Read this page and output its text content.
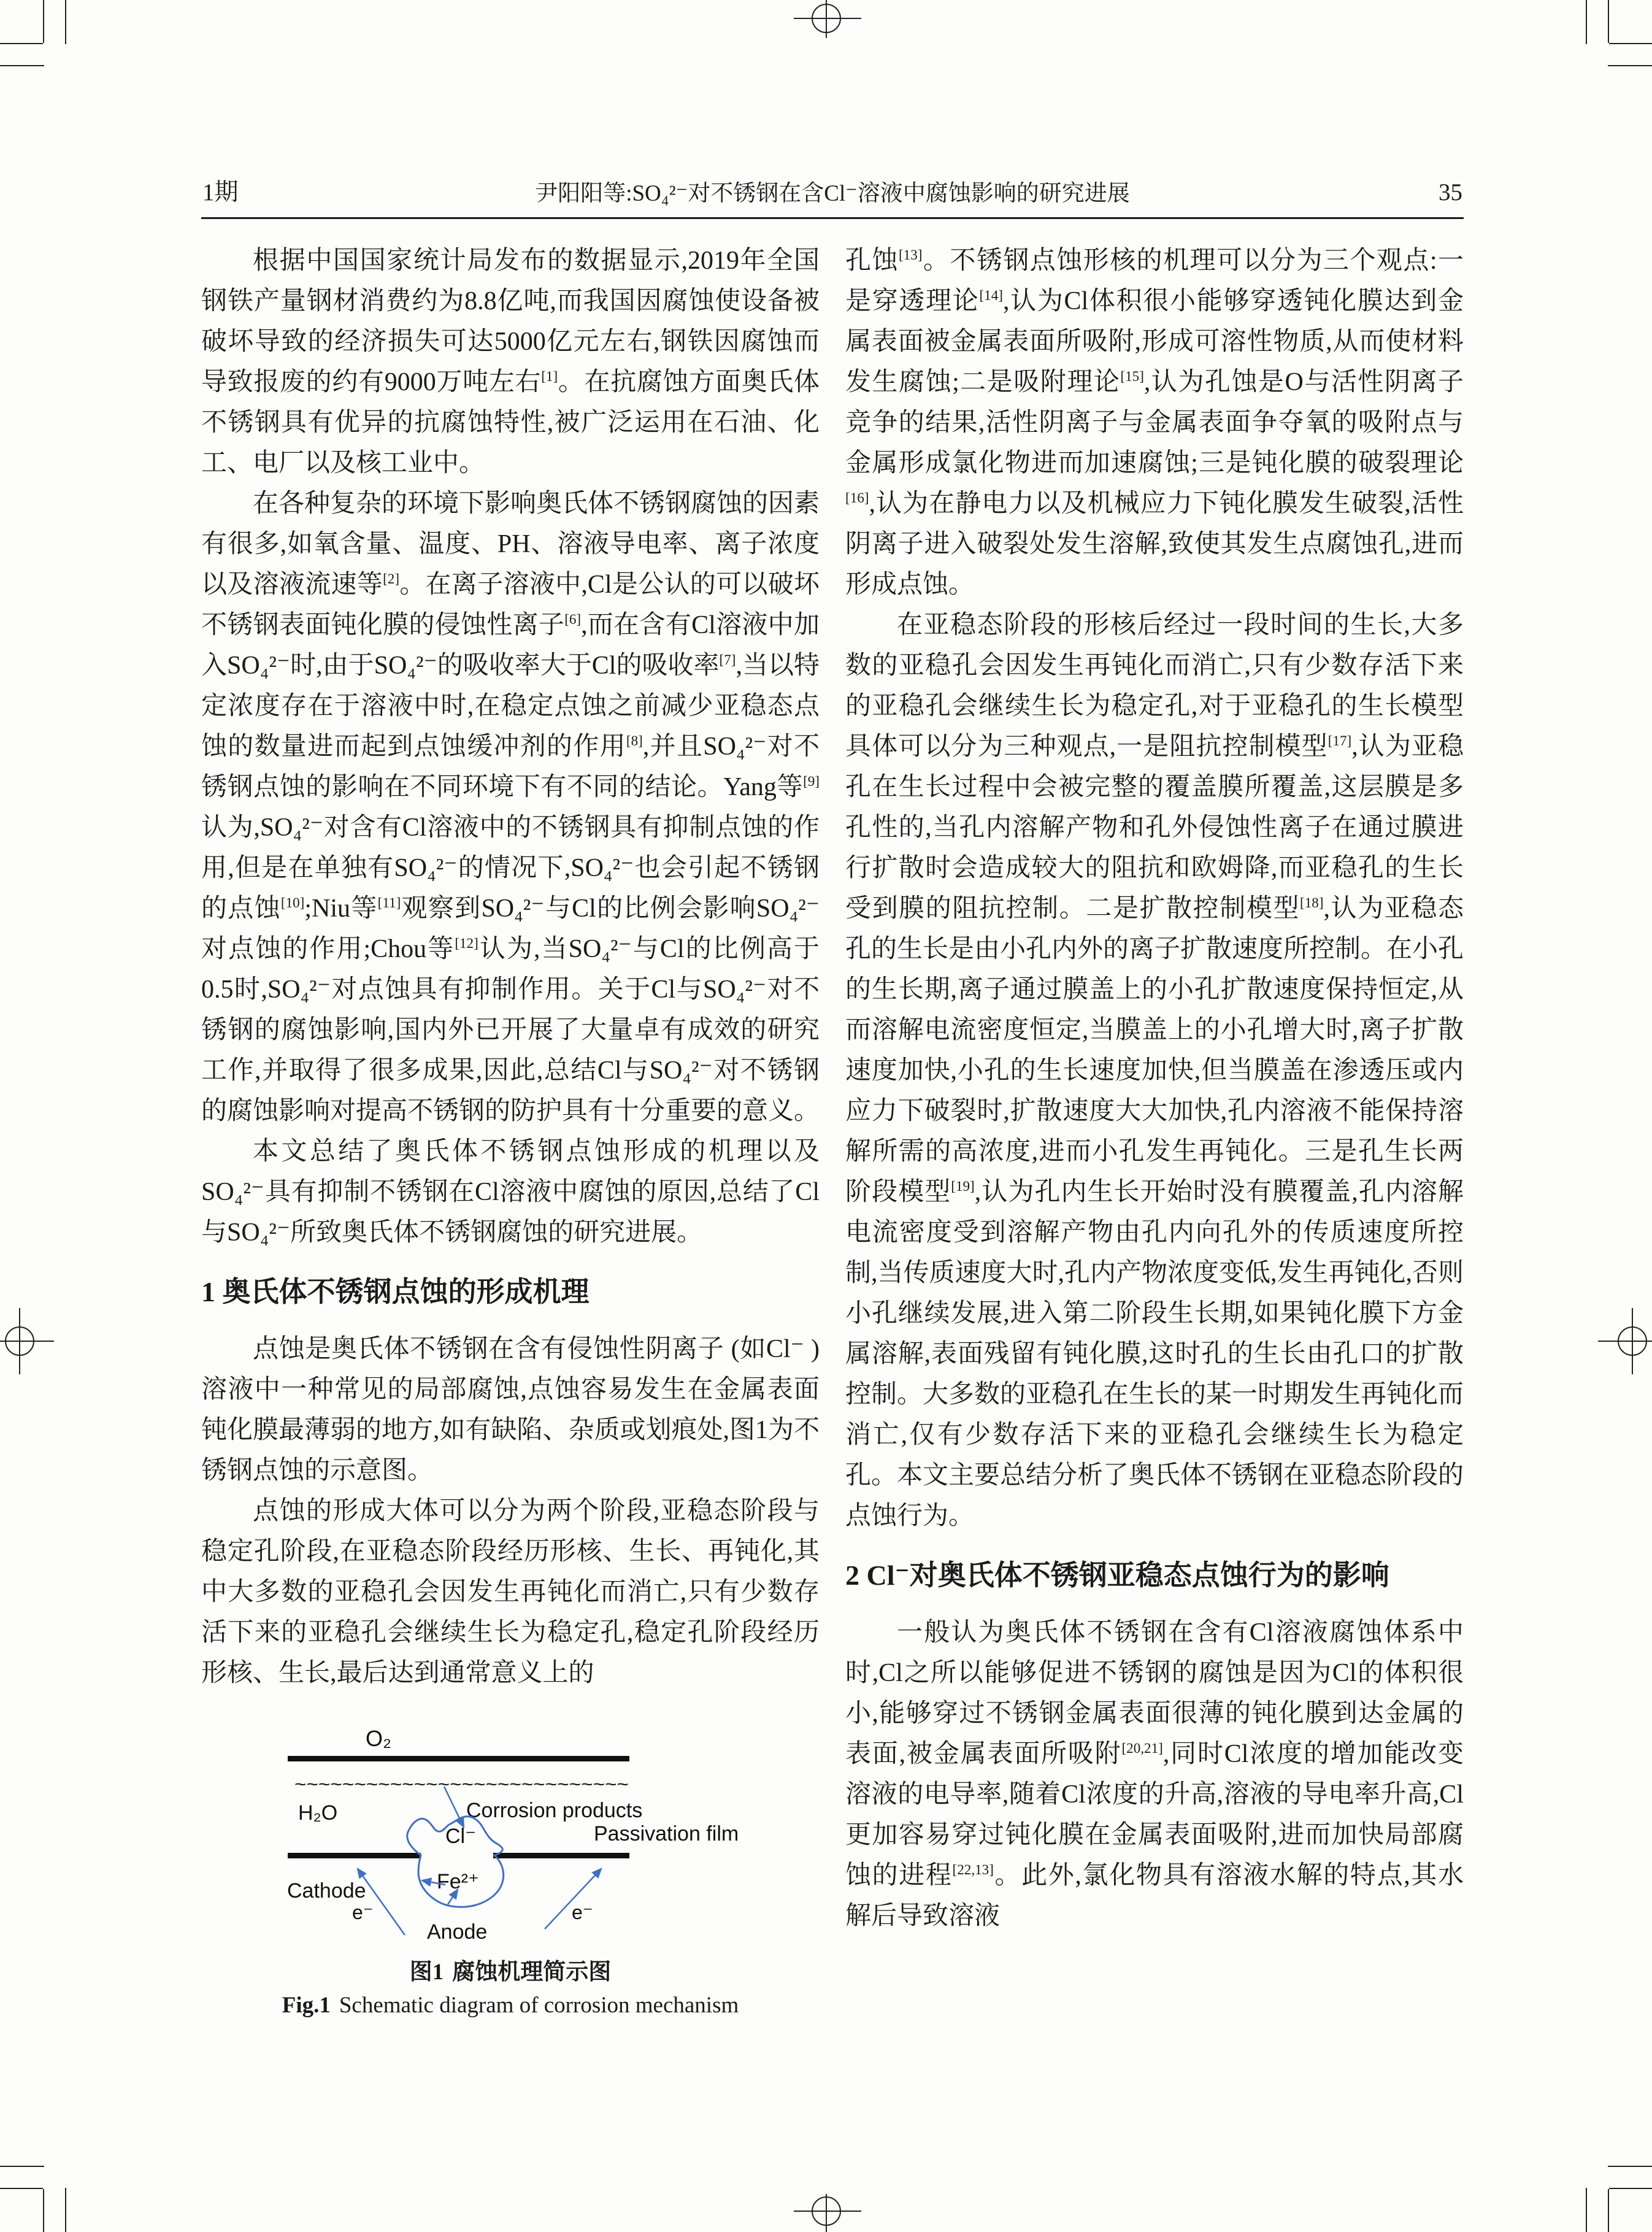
1期	尹阳阳等:SO₄²⁻对不锈钢在含Cl⁻溶液中腐蚀影响的研究进展	35

根据中国国家统计局发布的数据显示,2019年全国钢铁产量钢材消费约为8.8亿吨,而我国因腐蚀使设备被破坏导致的经济损失可达5000亿元左右,钢铁因腐蚀而导致报废的约有9000万吨左右[1]。在抗腐蚀方面奥氏体不锈钢具有优异的抗腐蚀特性,被广泛运用在石油、化工、电厂以及核工业中。

在各种复杂的环境下影响奥氏体不锈钢腐蚀的因素有很多,如氧含量、温度、PH、溶液导电率、离子浓度以及溶液流速等[2]。在离子溶液中,Cl是公认的可以破坏不锈钢表面钝化膜的侵蚀性离子[6],而在含有Cl溶液中加入SO₄²⁻时,由于SO₄²⁻的吸收率大于Cl的吸收率[7],当以特定浓度存在于溶液中时,在稳定点蚀之前减少亚稳态点蚀的数量进而起到点蚀缓冲剂的作用[8],并且SO₄²⁻对不锈钢点蚀的影响在不同环境下有不同的结论。Yang等[9]认为,SO₄²⁻对含有Cl溶液中的不锈钢具有抑制点蚀的作用,但是在单独有SO₄²⁻的情况下,SO₄²⁻也会引起不锈钢的点蚀[10];Niu等[11]观察到SO₄²⁻与Cl的比例会影响SO₄²⁻对点蚀的作用;Chou等[12]认为,当SO₄²⁻与Cl的比例高于0.5时,SO₄²⁻对点蚀具有抑制作用。关于Cl与SO₄²⁻对不锈钢的腐蚀影响,国内外已开展了大量卓有成效的研究工作,并取得了很多成果,因此,总结Cl与SO₄²⁻对不锈钢的腐蚀影响对提高不锈钢的防护具有十分重要的意义。

本文总结了奥氏体不锈钢点蚀形成的机理以及SO₄²⁻具有抑制不锈钢在Cl溶液中腐蚀的原因,总结了Cl与SO₄²⁻所致奥氏体不锈钢腐蚀的研究进展。

1 奥氏体不锈钢点蚀的形成机理

点蚀是奥氏体不锈钢在含有侵蚀性阴离子 (如Cl⁻ ) 溶液中一种常见的局部腐蚀,点蚀容易发生在金属表面钝化膜最薄弱的地方,如有缺陷、杂质或划痕处,图1为不锈钢点蚀的示意图。

点蚀的形成大体可以分为两个阶段,亚稳态阶段与稳定孔阶段,在亚稳态阶段经历形核、生长、再钝化,其中大多数的亚稳孔会因发生再钝化而消亡,只有少数存活下来的亚稳孔会继续生长为稳定孔,稳定孔阶段经历形核、生长,最后达到通常意义上的

O₂
~~~~~~~~~~~~~~~~~~~~~~~~~~~~
H₂O	Corrosion products
Passivation film
Cl⁻
Fe²⁺
Cathode
e⁻
Anode
e⁻

图1 腐蚀机理简示图

Fig.1 Schematic diagram of corrosion mechanism

孔蚀[13]。不锈钢点蚀形核的机理可以分为三个观点:一是穿透理论[14],认为Cl体积很小能够穿透钝化膜达到金属表面被金属表面所吸附,形成可溶性物质,从而使材料发生腐蚀;二是吸附理论[15],认为孔蚀是O与活性阴离子竞争的结果,活性阴离子与金属表面争夺氧的吸附点与金属形成氯化物进而加速腐蚀;三是钝化膜的破裂理论[16],认为在静电力以及机械应力下钝化膜发生破裂,活性阴离子进入破裂处发生溶解,致使其发生点腐蚀孔,进而形成点蚀。

在亚稳态阶段的形核后经过一段时间的生长,大多数的亚稳孔会因发生再钝化而消亡,只有少数存活下来的亚稳孔会继续生长为稳定孔,对于亚稳孔的生长模型具体可以分为三种观点,一是阻抗控制模型[17],认为亚稳孔在生长过程中会被完整的覆盖膜所覆盖,这层膜是多孔性的,当孔内溶解产物和孔外侵蚀性离子在通过膜进行扩散时会造成较大的阻抗和欧姆降,而亚稳孔的生长受到膜的阻抗控制。二是扩散控制模型[18],认为亚稳态孔的生长是由小孔内外的离子扩散速度所控制。在小孔的生长期,离子通过膜盖上的小孔扩散速度保持恒定,从而溶解电流密度恒定,当膜盖上的小孔增大时,离子扩散速度加快,小孔的生长速度加快,但当膜盖在渗透压或内应力下破裂时,扩散速度大大加快,孔内溶液不能保持溶解所需的高浓度,进而小孔发生再钝化。三是孔生长两阶段模型[19],认为孔内生长开始时没有膜覆盖,孔内溶解电流密度受到溶解产物由孔内向孔外的传质速度所控制,当传质速度大时,孔内产物浓度变低,发生再钝化,否则小孔继续发展,进入第二阶段生长期,如果钝化膜下方金属溶解,表面残留有钝化膜,这时孔的生长由孔口的扩散控制。大多数的亚稳孔在生长的某一时期发生再钝化而消亡,仅有少数存活下来的亚稳孔会继续生长为稳定孔。本文主要总结分析了奥氏体不锈钢在亚稳态阶段的点蚀行为。

2 Cl⁻对奥氏体不锈钢亚稳态点蚀行为的影响

一般认为奥氏体不锈钢在含有Cl溶液腐蚀体系中时,Cl之所以能够促进不锈钢的腐蚀是因为Cl的体积很小,能够穿过不锈钢金属表面很薄的钝化膜到达金属的表面,被金属表面所吸附[20,21],同时Cl浓度的增加能改变溶液的电导率,随着Cl浓度的升高,溶液的导电率升高,Cl更加容易穿过钝化膜在金属表面吸附,进而加快局部腐蚀的进程[22,13]。此外,氯化物具有溶液水解的特点,其水解后导致溶液
